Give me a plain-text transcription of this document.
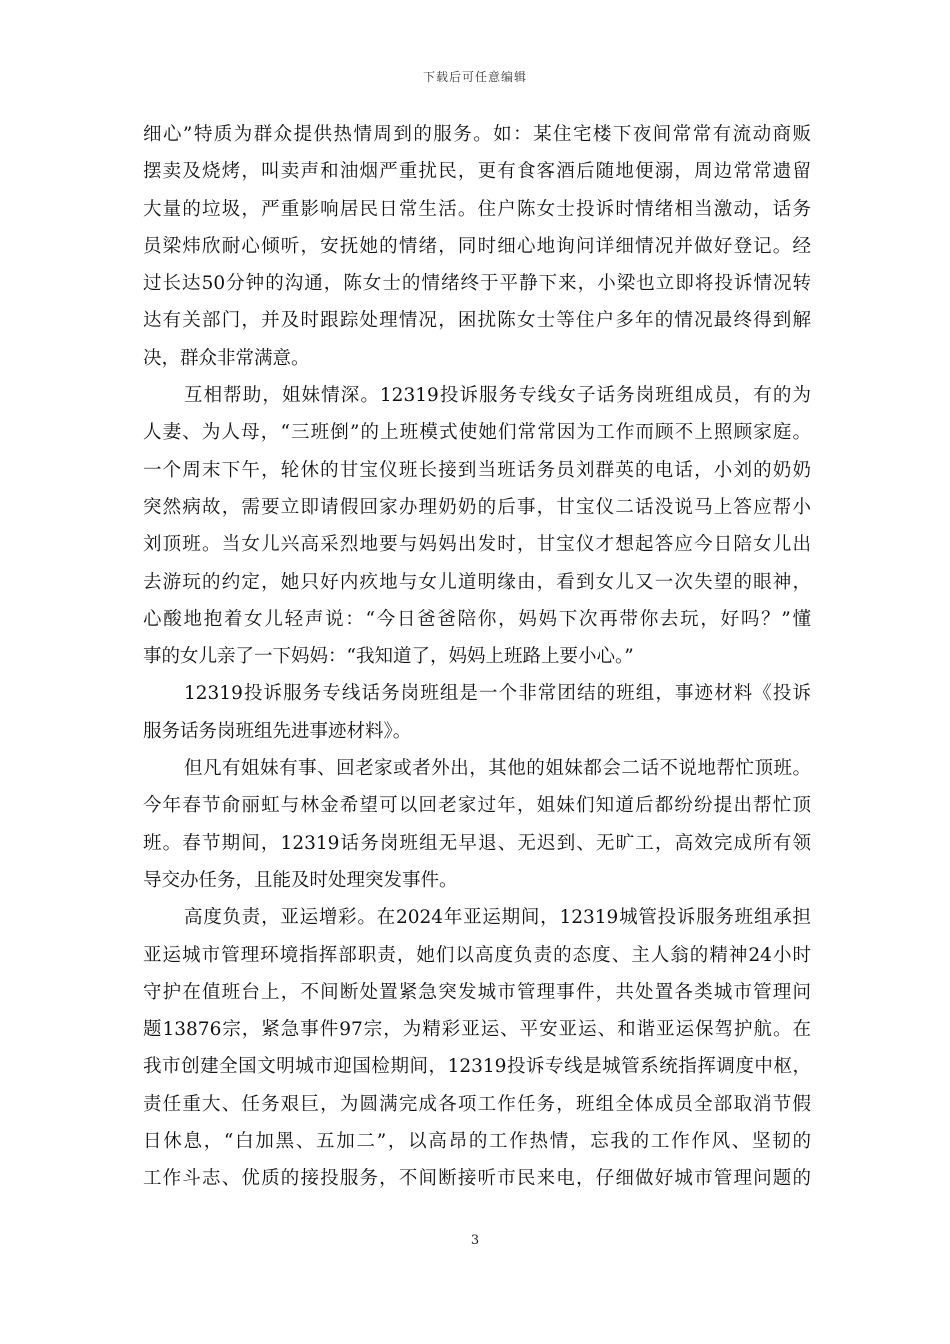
下载后可任意编辑
细心”特质为群众提供热情周到的服务。如：某住宅楼下夜间常常有流动商贩
摆卖及烧烤，叫卖声和油烟严重扰民，更有食客酒后随地便溺，周边常常遗留
大量的垃圾，严重影响居民日常生活。住户陈女士投诉时情绪相当激动，话务
员梁炜欣耐心倾听，安抚她的情绪，同时细心地询问详细情况并做好登记。经
过长达50分钟的沟通，陈女士的情绪终于平静下来，小梁也立即将投诉情况转
达有关部门，并及时跟踪处理情况，困扰陈女士等住户多年的情况最终得到解
决，群众非常满意。
互相帮助，姐妹情深。12319投诉服务专线女子话务岗班组成员，有的为
人妻、为人母，“三班倒”的上班模式使她们常常因为工作而顾不上照顾家庭。
一个周末下午，轮休的甘宝仪班长接到当班话务员刘群英的电话，小刘的奶奶
突然病故，需要立即请假回家办理奶奶的后事，甘宝仪二话没说马上答应帮小
刘顶班。当女儿兴高采烈地要与妈妈出发时，甘宝仪才想起答应今日陪女儿出
去游玩的约定，她只好内疚地与女儿道明缘由，看到女儿又一次失望的眼神，
心酸地抱着女儿轻声说：“今日爸爸陪你，妈妈下次再带你去玩，好吗？”懂
事的女儿亲了一下妈妈：“我知道了，妈妈上班路上要小心。”
12319投诉服务专线话务岗班组是一个非常团结的班组，事迹材料《投诉
服务话务岗班组先进事迹材料》。
但凡有姐妹有事、回老家或者外出，其他的姐妹都会二话不说地帮忙顶班。
今年春节俞丽虹与林金希望可以回老家过年，姐妹们知道后都纷纷提出帮忙顶
班。春节期间，12319话务岗班组无早退、无迟到、无旷工，高效完成所有领
导交办任务，且能及时处理突发事件。
高度负责，亚运增彩。在2024年亚运期间，12319城管投诉服务班组承担
亚运城市管理环境指挥部职责，她们以高度负责的态度、主人翁的精神24小时
守护在值班台上，不间断处置紧急突发城市管理事件，共处置各类城市管理问
题13876宗，紧急事件97宗，为精彩亚运、平安亚运、和谐亚运保驾护航。在
我市创建全国文明城市迎国检期间，12319投诉专线是城管系统指挥调度中枢，
责任重大、任务艰巨，为圆满完成各项工作任务，班组全体成员全部取消节假
日休息，“白加黑、五加二”，以高昂的工作热情，忘我的工作作风、坚韧的
工作斗志、优质的接投服务，不间断接听市民来电，仔细做好城市管理问题的
3
